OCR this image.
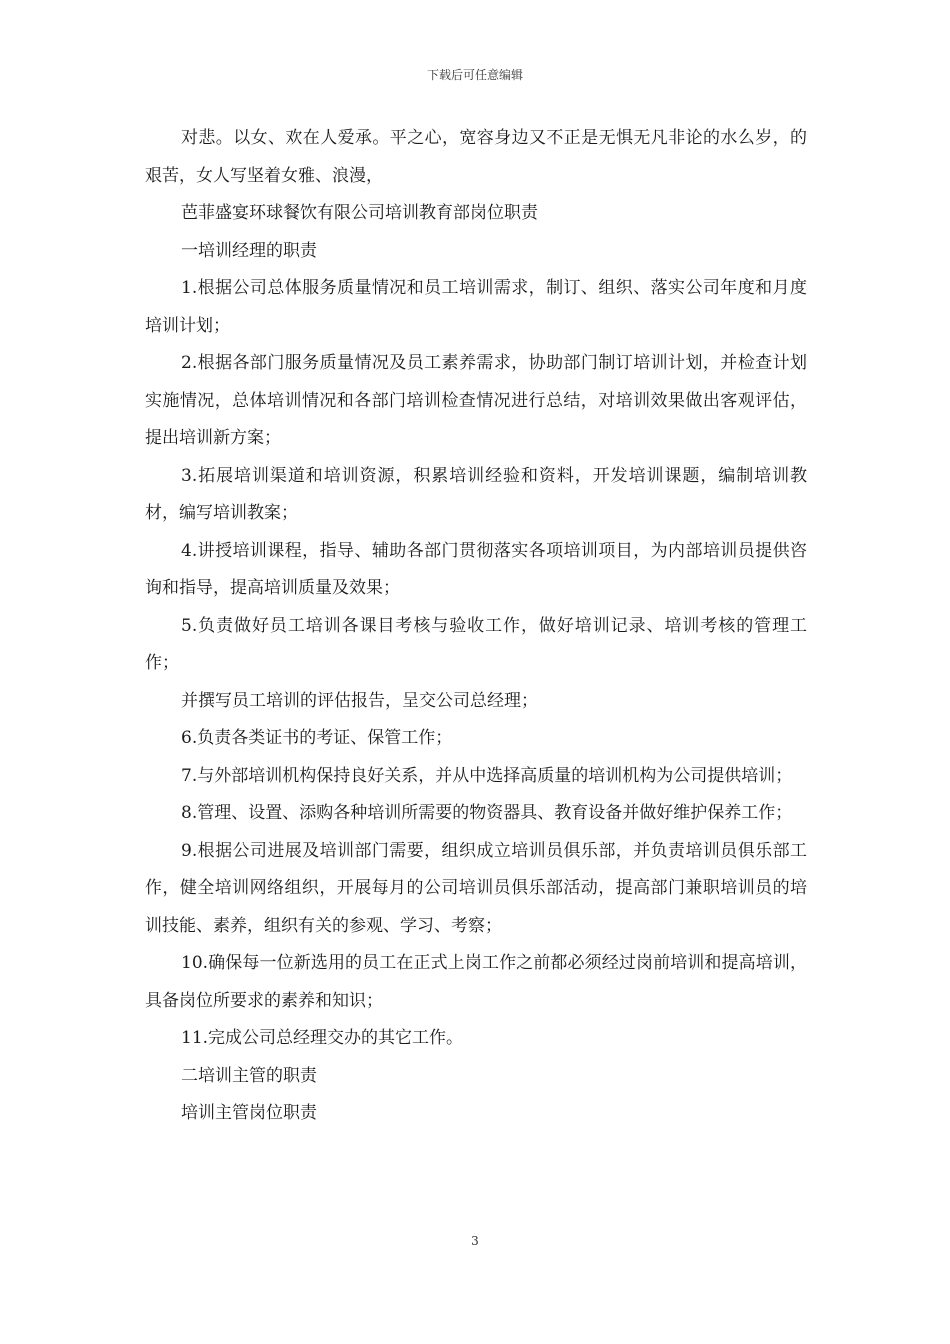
下载后可任意编辑

对悲。以女、欢在人爱承。平之心，宽容身边又不正是无惧无凡非论的水么岁，的艰苦，女人写坚着女雅、浪漫，

芭菲盛宴环球餐饮有限公司培训教育部岗位职责

一培训经理的职责

1.根据公司总体服务质量情况和员工培训需求，制订、组织、落实公司年度和月度培训计划；

2.根据各部门服务质量情况及员工素养需求，协助部门制订培训计划，并检查计划实施情况，总体培训情况和各部门培训检查情况进行总结，对培训效果做出客观评估，提出培训新方案；

3.拓展培训渠道和培训资源，积累培训经验和资料，开发培训课题，编制培训教材，编写培训教案；

4.讲授培训课程，指导、辅助各部门贯彻落实各项培训项目，为内部培训员提供咨询和指导，提高培训质量及效果；

5.负责做好员工培训各课目考核与验收工作，做好培训记录、培训考核的管理工作；

并撰写员工培训的评估报告，呈交公司总经理；

6.负责各类证书的考证、保管工作；

7.与外部培训机构保持良好关系，并从中选择高质量的培训机构为公司提供培训；

8.管理、设置、添购各种培训所需要的物资器具、教育设备并做好维护保养工作；

9.根据公司进展及培训部门需要，组织成立培训员俱乐部，并负责培训员俱乐部工作，健全培训网络组织，开展每月的公司培训员俱乐部活动，提高部门兼职培训员的培训技能、素养，组织有关的参观、学习、考察；

10.确保每一位新选用的员工在正式上岗工作之前都必须经过岗前培训和提高培训，具备岗位所要求的素养和知识；

11.完成公司总经理交办的其它工作。

二培训主管的职责

培训主管岗位职责

3
